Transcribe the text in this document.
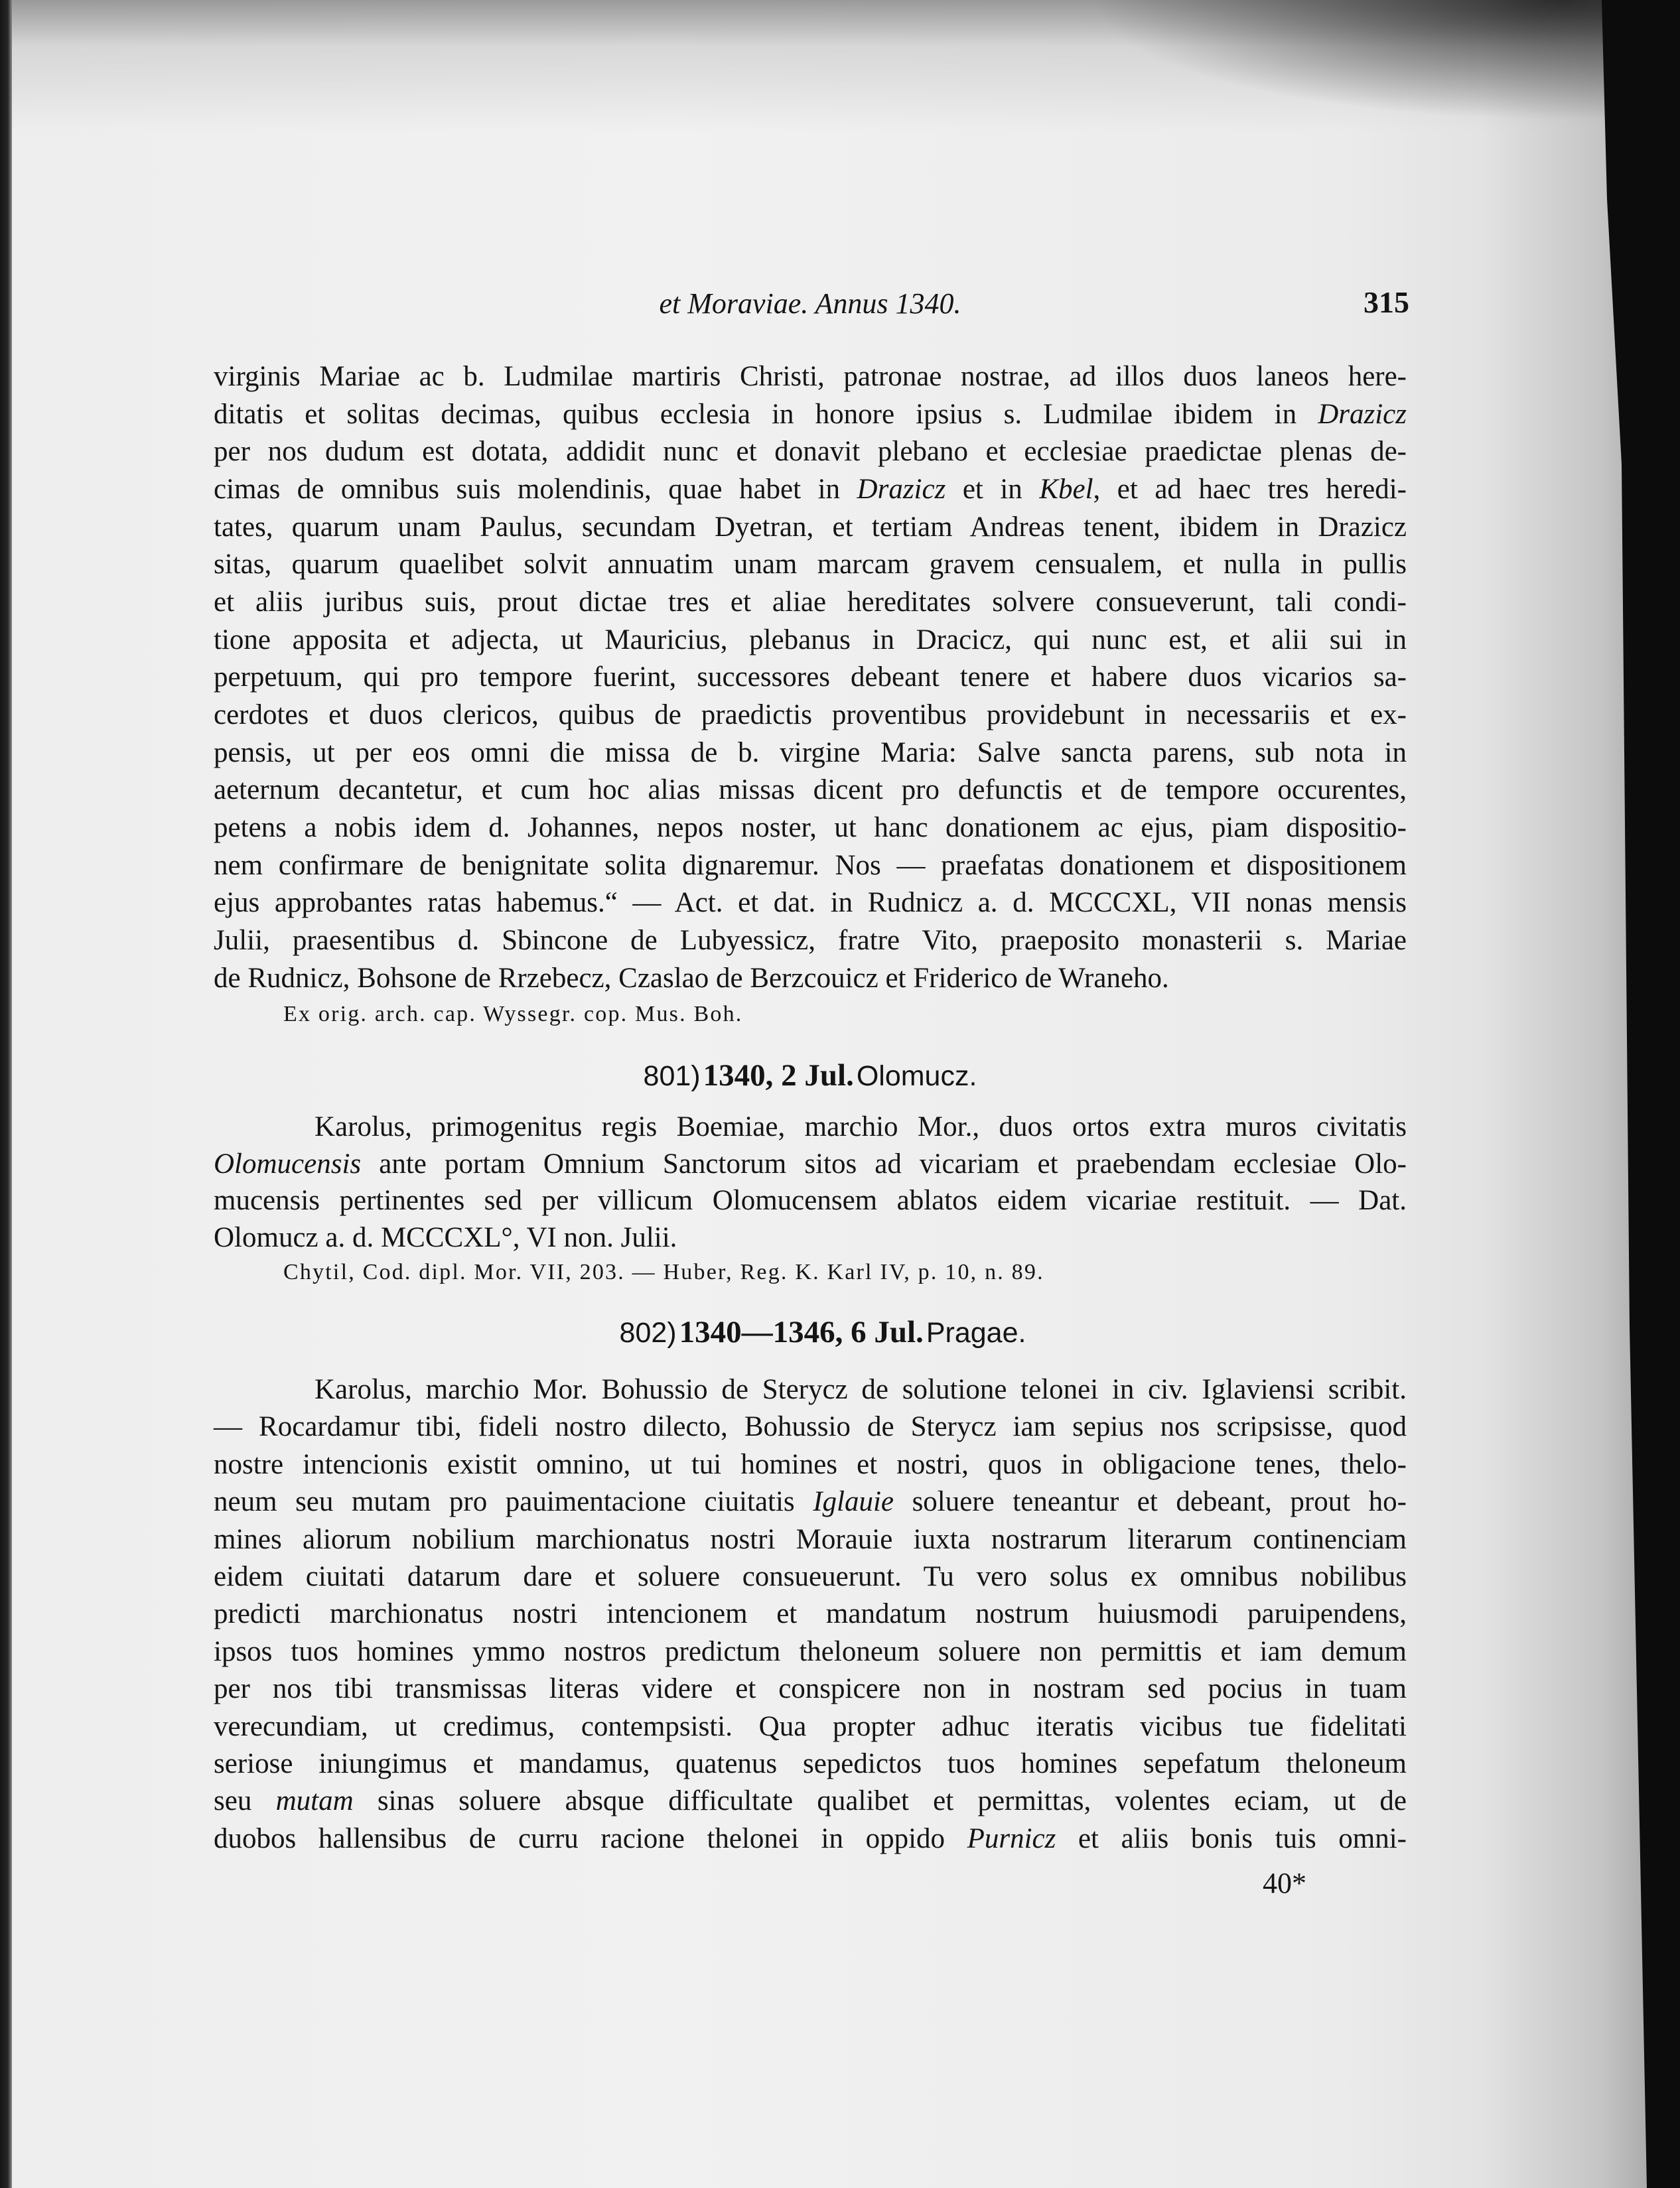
et Moraviae. Annus 1340.	315
virginis Mariae ac b. Ludmilae martiris Christi, patronae nostrae, ad illos duos laneos here-
ditatis et solitas decimas, quibus ecclesia in honore ipsius s. Ludmilae ibidem in Drazicz
per nos dudum est dotata, addidit nunc et donavit plebano et ecclesiae praedictae plenas de-
cimas de omnibus suis molendinis, quae habet in Drazicz et in Kbel, et ad haec tres heredi-
tates, quarum unam Paulus, secundam Dyetran, et tertiam Andreas tenent, ibidem in Drazicz
sitas, quarum quaelibet solvit annuatim unam marcam gravem censualem, et nulla in pullis
et aliis juribus suis, prout dictae tres et aliae hereditates solvere consueverunt, tali condi-
tione apposita et adjecta, ut Mauricius, plebanus in Dracicz, qui nunc est, et alii sui in
perpetuum, qui pro tempore fuerint, successores debeant tenere et habere duos vicarios sa-
cerdotes et duos clericos, quibus de praedictis proventibus providebunt in necessariis et ex-
pensis, ut per eos omni die missa de b. virgine Maria: Salve sancta parens, sub nota in
aeternum decantetur, et cum hoc alias missas dicent pro defunctis et de tempore occurentes,
petens a nobis idem d. Johannes, nepos noster, ut hanc donationem ac ejus, piam dispositio-
nem confirmare de benignitate solita dignaremur. Nos — praefatas donationem et dispositionem
ejus approbantes ratas habemus.“ — Act. et dat. in Rudnicz a. d. MCCCXL, VII nonas mensis
Julii, praesentibus d. Sbincone de Lubyessicz, fratre Vito, praeposito monasterii s. Mariae
de Rudnicz, Bohsone de Rrzebecz, Czaslao de Berzcouicz et Friderico de Wraneho.
Ex orig. arch. cap. Wyssegr. cop. Mus. Boh.
801) 1340, 2 Jul. Olomucz.
Karolus, primogenitus regis Boemiae, marchio Mor., duos ortos extra muros civitatis
Olomucensis ante portam Omnium Sanctorum sitos ad vicariam et praebendam ecclesiae Olo-
mucensis pertinentes sed per villicum Olomucensem ablatos eidem vicariae restituit. — Dat.
Olomucz a. d. MCCCXL°, VI non. Julii.
Chytil, Cod. dipl. Mor. VII, 203. — Huber, Reg. K. Karl IV, p. 10, n. 89.
802) 1340—1346, 6 Jul. Pragae.
Karolus, marchio Mor. Bohussio de Sterycz de solutione telonei in civ. Iglaviensi scribit.
— Rocardamur tibi, fideli nostro dilecto, Bohussio de Sterycz iam sepius nos scripsisse, quod
nostre intencionis existit omnino, ut tui homines et nostri, quos in obligacione tenes, thelo-
neum seu mutam pro pauimentacione ciuitatis Iglauie soluere teneantur et debeant, prout ho-
mines aliorum nobilium marchionatus nostri Morauie iuxta nostrarum literarum continenciam
eidem ciuitati datarum dare et soluere consueuerunt. Tu vero solus ex omnibus nobilibus
predicti marchionatus nostri intencionem et mandatum nostrum huiusmodi paruipendens,
ipsos tuos homines ymmo nostros predictum theloneum soluere non permittis et iam demum
per nos tibi transmissas literas videre et conspicere non in nostram sed pocius in tuam
verecundiam, ut credimus, contempsisti. Qua propter adhuc iteratis vicibus tue fidelitati
seriose iniungimus et mandamus, quatenus sepedictos tuos homines sepefatum theloneum
seu mutam sinas soluere absque difficultate qualibet et permittas, volentes eciam, ut de
duobos hallensibus de curru racione thelonei in oppido Purnicz et aliis bonis tuis omni-
40*
